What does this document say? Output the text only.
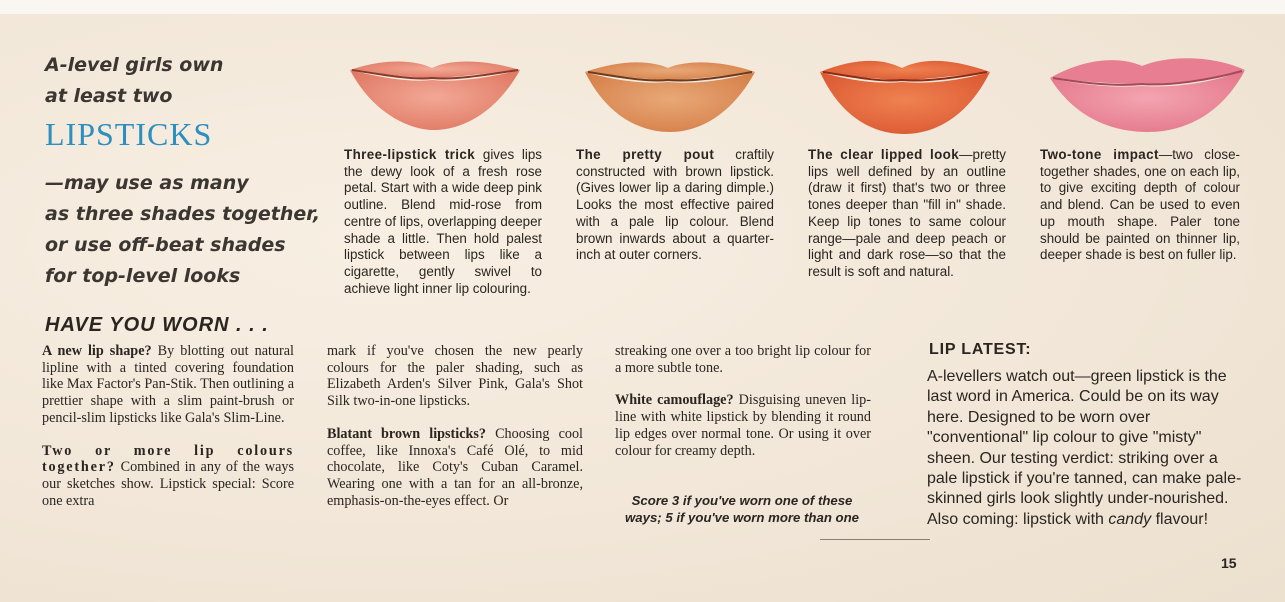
A-level girls own
at least two
LIPSTICKS
—may use as many
as three shades together,
or use off-beat shades
for top-level looks
Three-lipstick trick gives lips the dewy look of a fresh rose petal. Start with a wide deep pink outline. Blend mid-rose from centre of lips, overlapping deeper shade a little. Then hold palest lipstick between lips like a cigarette, gently swivel to achieve light inner lip colouring.
The pretty pout craftily constructed with brown lipstick. (Gives lower lip a daring dimple.) Looks the most effective paired with a pale lip colour. Blend brown inwards about a quarter-inch at outer corners.
The clear lipped look—pretty lips well defined by an outline (draw it first) that's two or three tones deeper than "fill in" shade. Keep lip tones to same colour range—pale and deep peach or light and dark rose—so that the result is soft and natural.
Two-tone impact—two close-together shades, one on each lip, to give exciting depth of colour and blend. Can be used to even up mouth shape. Paler tone should be painted on thinner lip, deeper shade is best on fuller lip.
HAVE YOU WORN . . .

A new lip shape? By blotting out natural lipline with a tinted covering foundation like Max Factor's Pan-Stik. Then outlining a prettier shape with a slim paint-brush or pencil-slim lipsticks like Gala's Slim-Line.

Two or more lip colours together? Combined in any of the ways our sketches show. Lipstick special: Score one extra

mark if you've chosen the new pearly colours for the paler shading, such as Elizabeth Arden's Silver Pink, Gala's Shot Silk two-in-one lipsticks.

Blatant brown lipsticks? Choosing cool coffee, like Innoxa's Café Olé, to mid chocolate, like Coty's Cuban Caramel. Wearing one with a tan for an all-bronze, emphasis-on-the-eyes effect. Or

streaking one over a too bright lip colour for a more subtle tone.

White camouflage? Disguising uneven lip-line with white lipstick by blending it round lip edges over normal tone. Or using it over colour for creamy depth.

Score 3 if you've worn one of these ways; 5 if you've worn more than one
LIP LATEST:
A-levellers watch out—green lipstick is the last word in America. Could be on its way here. Designed to be worn over "conventional" lip colour to give "misty" sheen. Our testing verdict: striking over a pale lipstick if you're tanned, can make pale-skinned girls look slightly under-nourished. Also coming: lipstick with candy flavour!
15
